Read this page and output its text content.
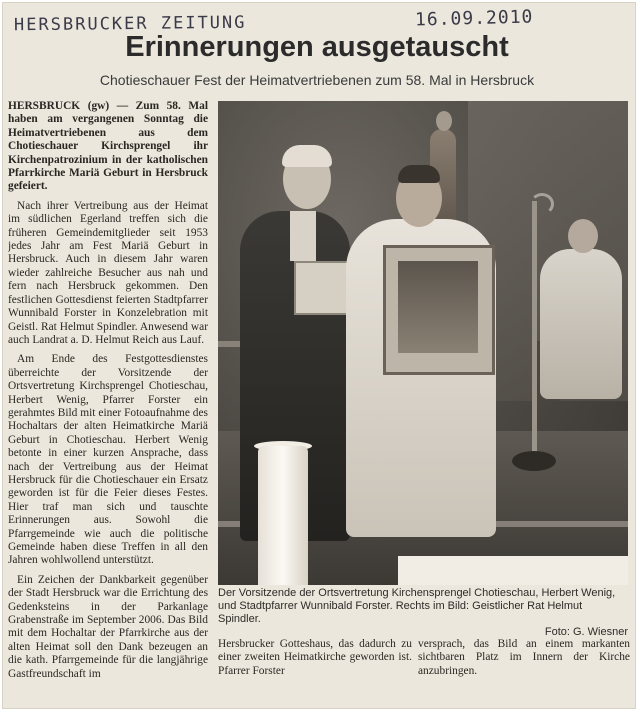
HERSBRUCKER ZEITUNG	16.09.2010
Erinnerungen ausgetauscht

Chotieschauer Fest der Heimatvertriebenen zum 58. Mal in Hersbruck

HERSBRUCK (gw) — Zum 58. Mal haben am vergangenen Sonntag die Heimatvertriebenen aus dem Chotieschauer Kirchsprengel ihr Kirchenpatrozinium in der katholischen Pfarrkirche Mariä Geburt in Hersbruck gefeiert.

Nach ihrer Vertreibung aus der Heimat im südlichen Egerland treffen sich die früheren Gemeindemitglieder seit 1953 jedes Jahr am Fest Mariä Geburt in Hersbruck. Auch in diesem Jahr waren wieder zahlreiche Besucher aus nah und fern nach Hersbruck gekommen. Den festlichen Gottesdienst feierten Stadtpfarrer Wunnibald Forster in Konzelebration mit Geistl. Rat Helmut Spindler. Anwesend war auch Landrat a. D. Helmut Reich aus Lauf.

Am Ende des Festgottesdienstes überreichte der Vorsitzende der Ortsvertretung Kirchsprengel Chotieschau, Herbert Wenig, Pfarrer Forster ein gerahmtes Bild mit einer Fotoaufnahme des Hochaltars der alten Heimatkirche Mariä Geburt in Chotieschau. Herbert Wenig betonte in einer kurzen Ansprache, dass nach der Vertreibung aus der Heimat Hersbruck für die Chotieschauer ein Ersatz geworden ist für die Feier dieses Festes. Hier traf man sich und tauschte Erinnerungen aus. Sowohl die Pfarrgemeinde wie auch die politische Gemeinde haben diese Treffen in all den Jahren wohlwollend unterstützt.

Ein Zeichen der Dankbarkeit gegenüber der Stadt Hersbruck war die Errichtung des Gedenksteins in der Parkanlage Grabenstraße im September 2006. Das Bild mit dem Hochaltar der Pfarrkirche aus der alten Heimat soll den Dank bezeugen an die kath. Pfarrgemeinde für die langjährige Gastfreundschaft im

Der Vorsitzende der Ortsvertretung Kirchensprengel Chotieschau, Herbert Wenig, und Stadtpfarrer Wunnibald Forster. Rechts im Bild: Geistlicher Rat Helmut Spindler.
Foto: G. Wiesner

Hersbrucker Gotteshaus, das dadurch zu einer zweiten Heimatkirche geworden ist. Pfarrer Forster

versprach, das Bild an einem markanten sichtbaren Platz im Innern der Kirche anzubringen.
